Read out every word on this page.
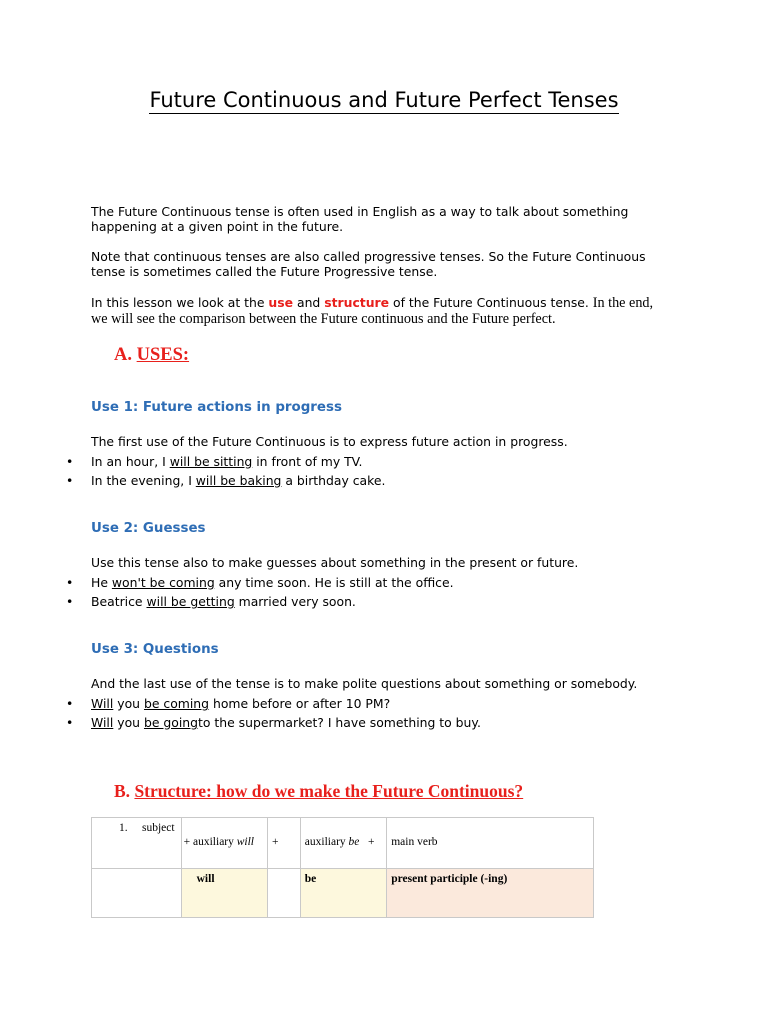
Future Continuous and Future Perfect Tenses
The Future Continuous tense is often used in English as a way to talk about something happening at a given point in the future.
Note that continuous tenses are also called progressive tenses. So the Future Continuous tense is sometimes called the Future Progressive tense.
In this lesson we look at the use and structure of the Future Continuous tense. In the end, we will see the comparison between the Future continuous and the Future perfect.
A. USES:
Use 1: Future actions in progress
The first use of the Future Continuous is to express future action in progress.
• In an hour, I will be sitting in front of my TV.
• In the evening, I will be baking a birthday cake.
Use 2: Guesses
Use this tense also to make guesses about something in the present or future.
• He won't be coming any time soon. He is still at the office.
• Beatrice will be getting married very soon.
Use 3: Questions
And the last use of the tense is to make polite questions about something or somebody.
• Will you be coming home before or after 10 PM?
• Will you be goingto the supermarket? I have something to buy.
B. Structure: how do we make the Future Continuous?
1. subject	+ auxiliary will	+	auxiliary be +	main verb

	will		be	present participle (-ing)
